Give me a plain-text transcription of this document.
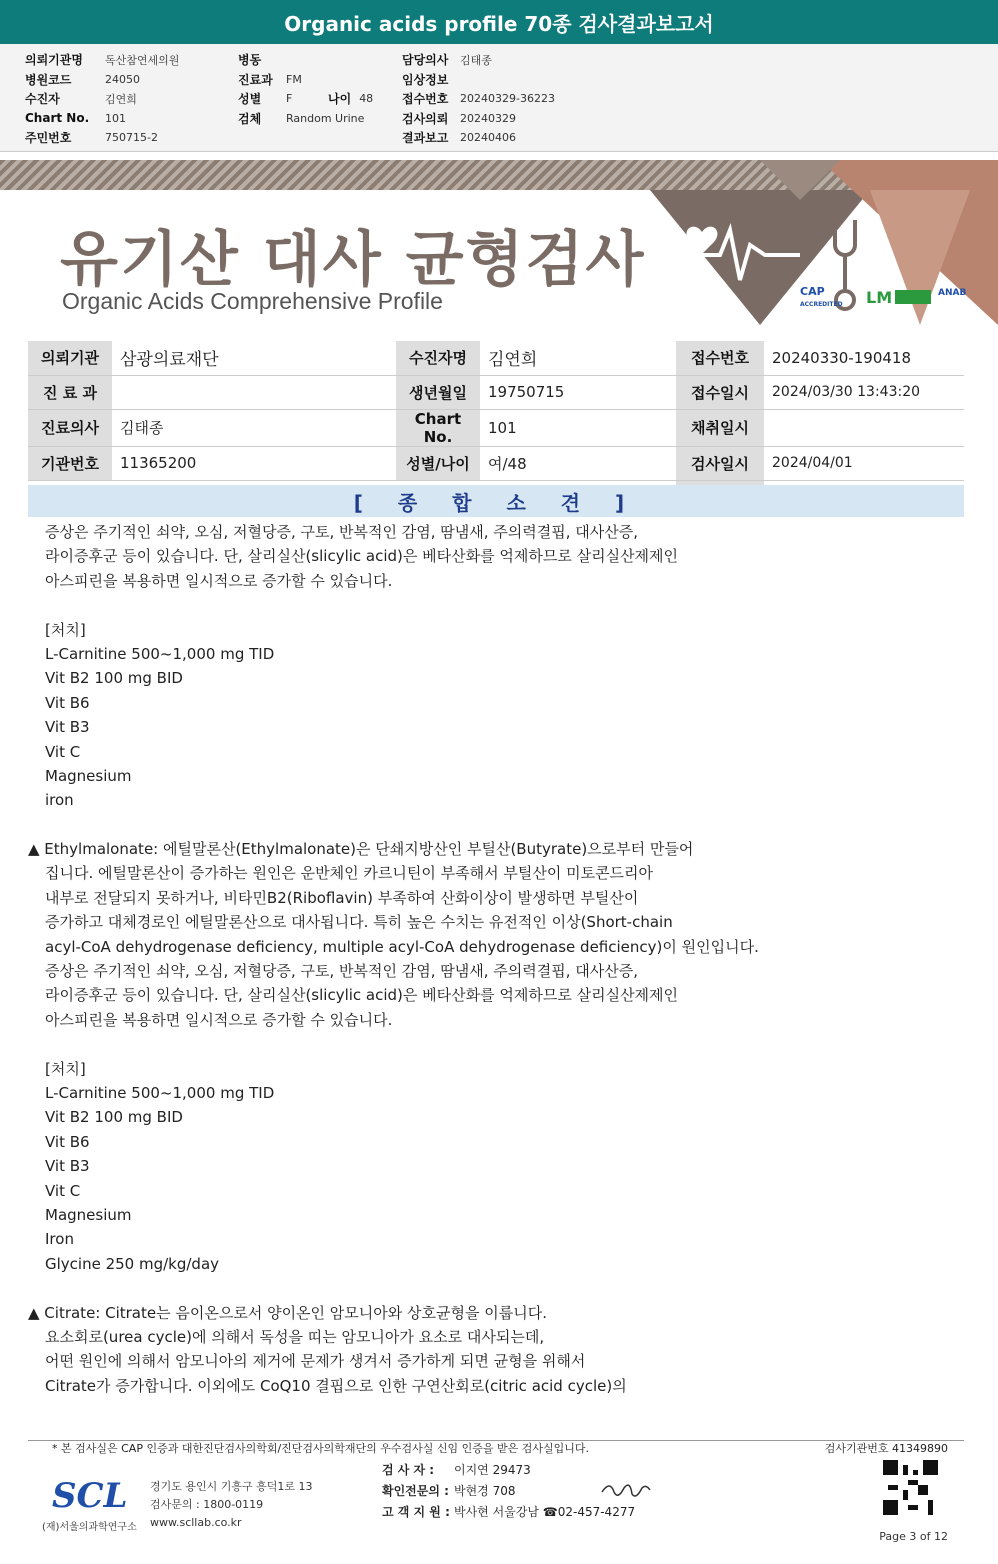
Organic acids profile 70종 검사결과보고서
의뢰기관명	독산참연세의원
병원코드	24050
수진자	김연희
Chart No.	101
주민번호	750715-2
병동
진료과	FM
성별	F	나이 48
검체	Random Urine
담당의사	김태종
임상정보
접수번호	20240329-36223
검사의뢰	20240329
결과보고	20240406
유기산 대사 균형검사
Organic Acids Comprehensive Profile	CAP
ACCREDITED LM	ANAB
의뢰기관	삼광의료재단	수진자명	김연희	접수번호	20240330-190418
진 료 과		생년월일	19750715	접수일시	2024/03/30 13:43:20
진료의사	김태종	Chart No.	101	채취일시	
기관번호	11365200	성별/나이	여/48	검사일시	2024/04/01

[ 종 합 소 견 ]
증상은 주기적인 쇠약, 오심, 저혈당증, 구토, 반복적인 감염, 땀냄새, 주의력결핍, 대사산증,
라이증후군 등이 있습니다. 단, 살리실산(slicylic acid)은 베타산화를 억제하므로 살리실산제제인
아스피린을 복용하면 일시적으로 증가할 수 있습니다.
[처치]
L-Carnitine 500~1,000 mg TID
Vit B2 100 mg BID
Vit B6
Vit B3
Vit C
Magnesium
iron
▲ Ethylmalonate: 에틸말론산(Ethylmalonate)은 단쇄지방산인 부틸산(Butyrate)으로부터 만들어
집니다. 에틸말론산이 증가하는 원인은 운반체인 카르니틴이 부족해서 부틸산이 미토콘드리아
내부로 전달되지 못하거나, 비타민B2(Riboflavin) 부족하여 산화이상이 발생하면 부틸산이
증가하고 대체경로인 에틸말론산으로 대사됩니다. 특히 높은 수치는 유전적인 이상(Short-chain
acyl-CoA dehydrogenase deficiency, multiple acyl-CoA dehydrogenase deficiency)이 원인입니다.
증상은 주기적인 쇠약, 오심, 저혈당증, 구토, 반복적인 감염, 땀냄새, 주의력결핍, 대사산증,
라이증후군 등이 있습니다. 단, 살리실산(slicylic acid)은 베타산화를 억제하므로 살리실산제제인
아스피린을 복용하면 일시적으로 증가할 수 있습니다.
[처치]
L-Carnitine 500~1,000 mg TID
Vit B2 100 mg BID
Vit B6
Vit B3
Vit C
Magnesium
Iron
Glycine 250 mg/kg/day
▲ Citrate: Citrate는 음이온으로서 양이온인 암모니아와 상호균형을 이룹니다.
요소회로(urea cycle)에 의해서 독성을 띠는 암모니아가 요소로 대사되는데,
어떤 원인에 의해서 암모니아의 제거에 문제가 생겨서 증가하게 되면 균형을 위해서
Citrate가 증가합니다. 이외에도 CoQ10 결핍으로 인한 구연산회로(citric acid cycle)의
* 본 검사실은 CAP 인증과 대한진단검사의학회/진단검사의학재단의 우수검사실 신임 인증을 받은 검사실입니다.	검사기관번호 41349890
SCL
(재)서울의과학연구소
경기도 용인시 기흥구 흥덕1로 13
검사문의 : 1800-0119
www.scllab.co.kr
검 사 자 : 이지연 29473
확인전문의 : 박현경 708
고 객 지 원 : 박사현 서울강남 ☎02-457-4277
Page 3 of 12
